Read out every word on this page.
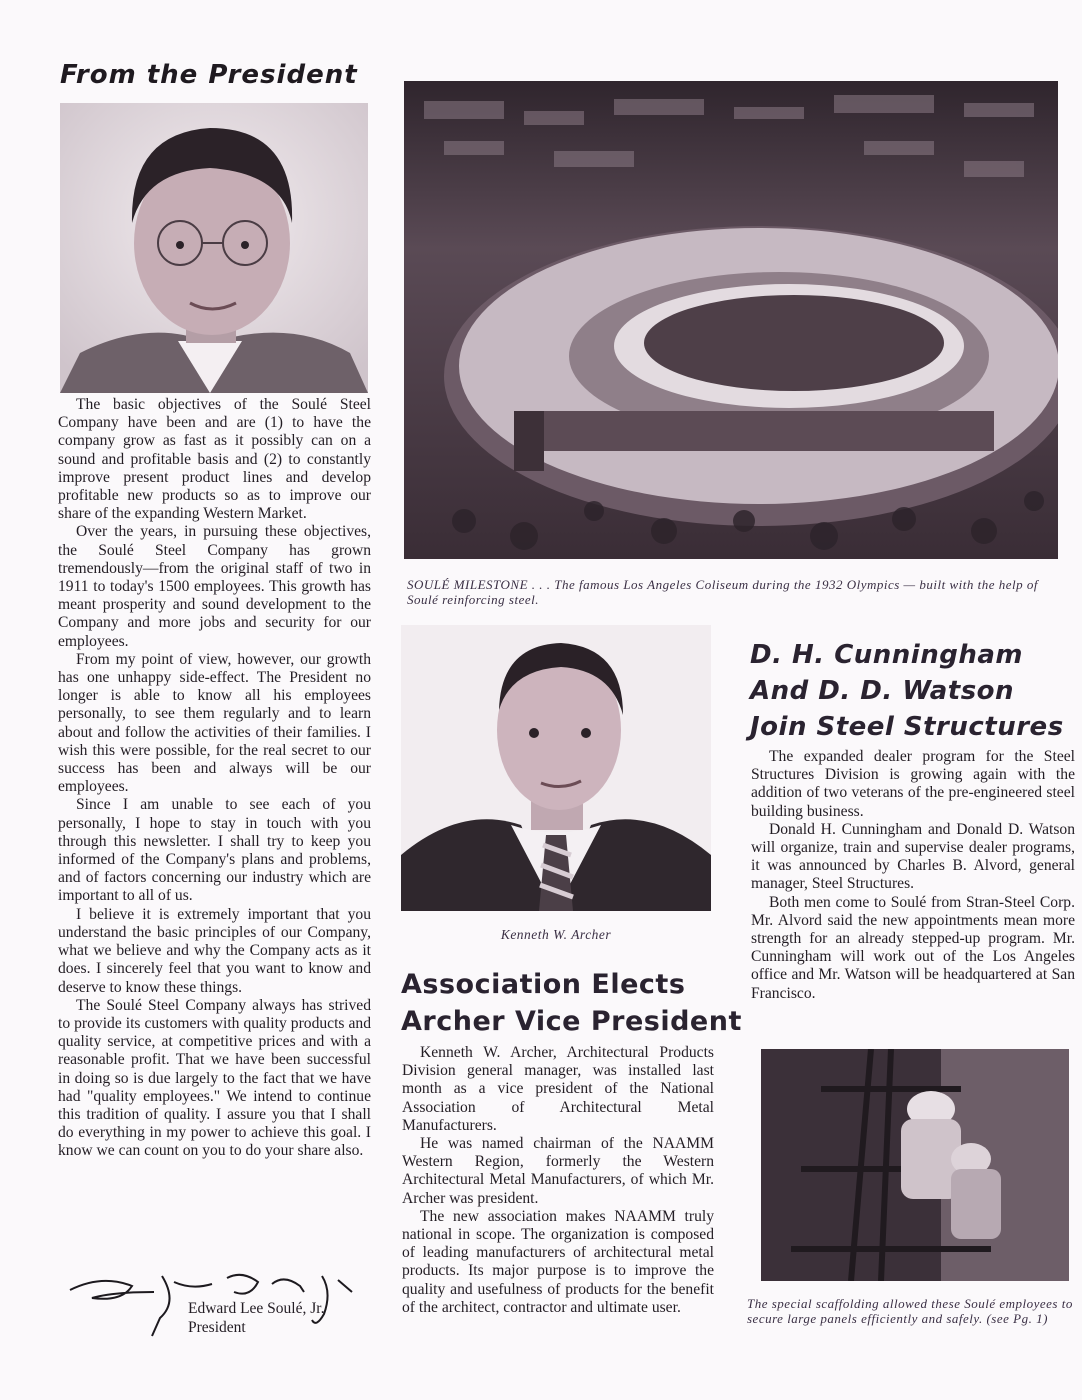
From the President

The basic objectives of the Soulé Steel Company have been and are (1) to have the company grow as fast as it possibly can on a sound and profitable basis and (2) to constantly improve present product lines and develop profitable new products so as to improve our share of the expanding Western Market.

Over the years, in pursuing these objectives, the Soulé Steel Company has grown tremendously—from the original staff of two in 1911 to today's 1500 employees. This growth has meant prosperity and sound development to the Company and more jobs and security for our employees.

From my point of view, however, our growth has one unhappy side-effect. The President no longer is able to know all his employees personally, to see them regularly and to learn about and follow the activities of their families. I wish this were possible, for the real secret to our success has been and always will be our employees.

Since I am unable to see each of you personally, I hope to stay in touch with you through this newsletter. I shall try to keep you informed of the Company's plans and problems, and of factors concerning our industry which are important to all of us.

I believe it is extremely important that you understand the basic principles of our Company, what we believe and why the Company acts as it does. I sincerely feel that you want to know and deserve to know these things.

The Soulé Steel Company always has strived to provide its customers with quality products and quality service, at competitive prices and with a reasonable profit. That we have been successful in doing so is due largely to the fact that we have had "quality employees." We intend to continue this tradition of quality. I assure you that I shall do everything in my power to achieve this goal. I know we can count on you to do your share also.

Edward Lee Soulé, Jr.
President
SOULÉ MILESTONE . . . The famous Los Angeles Coliseum during the 1932 Olympics — built with the help of Soulé reinforcing steel.
Kenneth W. Archer
Association Elects
Archer Vice President

Kenneth W. Archer, Architectural Products Division general manager, was installed last month as a vice president of the National Association of Architectural Metal Manufacturers.

He was named chairman of the NAAMM Western Region, formerly the Western Architectural Metal Manufacturers, of which Mr. Archer was president.

The new association makes NAAMM truly national in scope. The organization is composed of leading manufacturers of architectural metal products. Its major purpose is to improve the quality and usefulness of products for the benefit of the architect, contractor and ultimate user.

D. H. Cunningham
And D. D. Watson
Join Steel Structures

The expanded dealer program for the Steel Structures Division is growing again with the addition of two veterans of the pre-engineered steel building business.

Donald H. Cunningham and Donald D. Watson will organize, train and supervise dealer programs, it was announced by Charles B. Alvord, general manager, Steel Structures.

Both men come to Soulé from Stran-Steel Corp. Mr. Alvord said the new appointments mean more strength for an already stepped-up program. Mr. Cunningham will work out of the Los Angeles office and Mr. Watson will be headquartered at San Francisco.

The special scaffolding allowed these Soulé employees to secure large panels efficiently and safely. (see Pg. 1)
